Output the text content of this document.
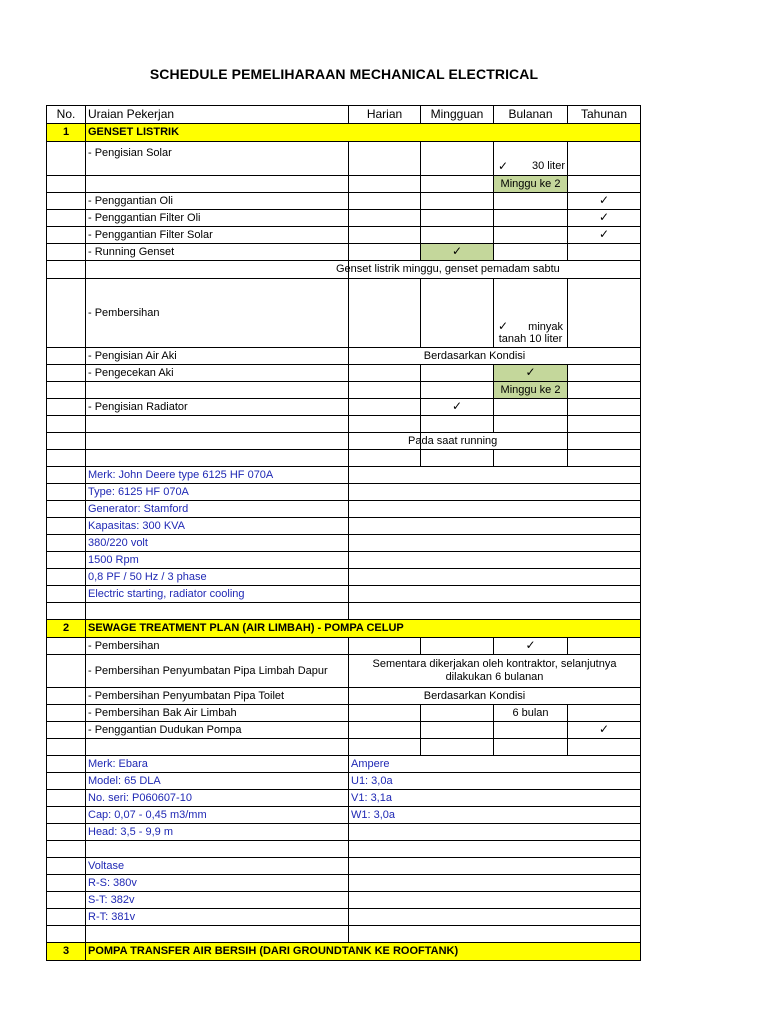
SCHEDULE PEMELIHARAAN MECHANICAL ELECTRICAL
No.	Uraian Pekerjan	Harian	Mingguan	Bulanan	Tahunan
1	GENSET LISTRIK				
	- Pengisian Solar			✓ 30 liter	
				Minggu ke 2	
	- Penggantian Oli				✓
	- Penggantian Filter Oli				✓
	- Penggantian Filter Solar				✓
	- Running Genset		✓		
		Genset listrik minggu, genset pemadam sabtu			
	- Pembersihan			✓ minyak tanah 10 liter	
	- Pengisian Air Aki	Berdasarkan Kondisi			
	- Pengecekan Aki			✓	
				Minggu ke 2	
	- Pengisian Radiator		✓		

			Pada saat running		

	Merk: John Deere type 6125 HF 070A				
	Type: 6125 HF 070A				
	Generator: Stamford				
	Kapasitas: 300 KVA				
	380/220 volt				
	1500 Rpm				
	0,8 PF / 50 Hz / 3 phase				
	Electric starting, radiator cooling				

2	SEWAGE TREATMENT PLAN (AIR LIMBAH) - POMPA CELUP				
	- Pembersihan			✓	
	- Pembersihan Penyumbatan Pipa Limbah Dapur	Sementara dikerjakan oleh kontraktor, selanjutnya dilakukan 6 bulanan			
	- Pembersihan Penyumbatan Pipa Toilet	Berdasarkan Kondisi			
	- Pembersihan Bak Air Limbah			6 bulan	
	- Penggantian Dudukan Pompa				✓

	Merk: Ebara	Ampere			
	Model: 65 DLA	U1: 3,0a			
	No. seri: P060607-10	V1: 3,1a			
	Cap: 0,07 - 0,45 m3/mm	W1: 3,0a			
	Head: 3,5 - 9,9 m				

	Voltase				
	R-S: 380v				
	S-T: 382v				
	R-T: 381v				

3	POMPA TRANSFER AIR BERSIH (DARI GROUNDTANK KE ROOFTANK)				
